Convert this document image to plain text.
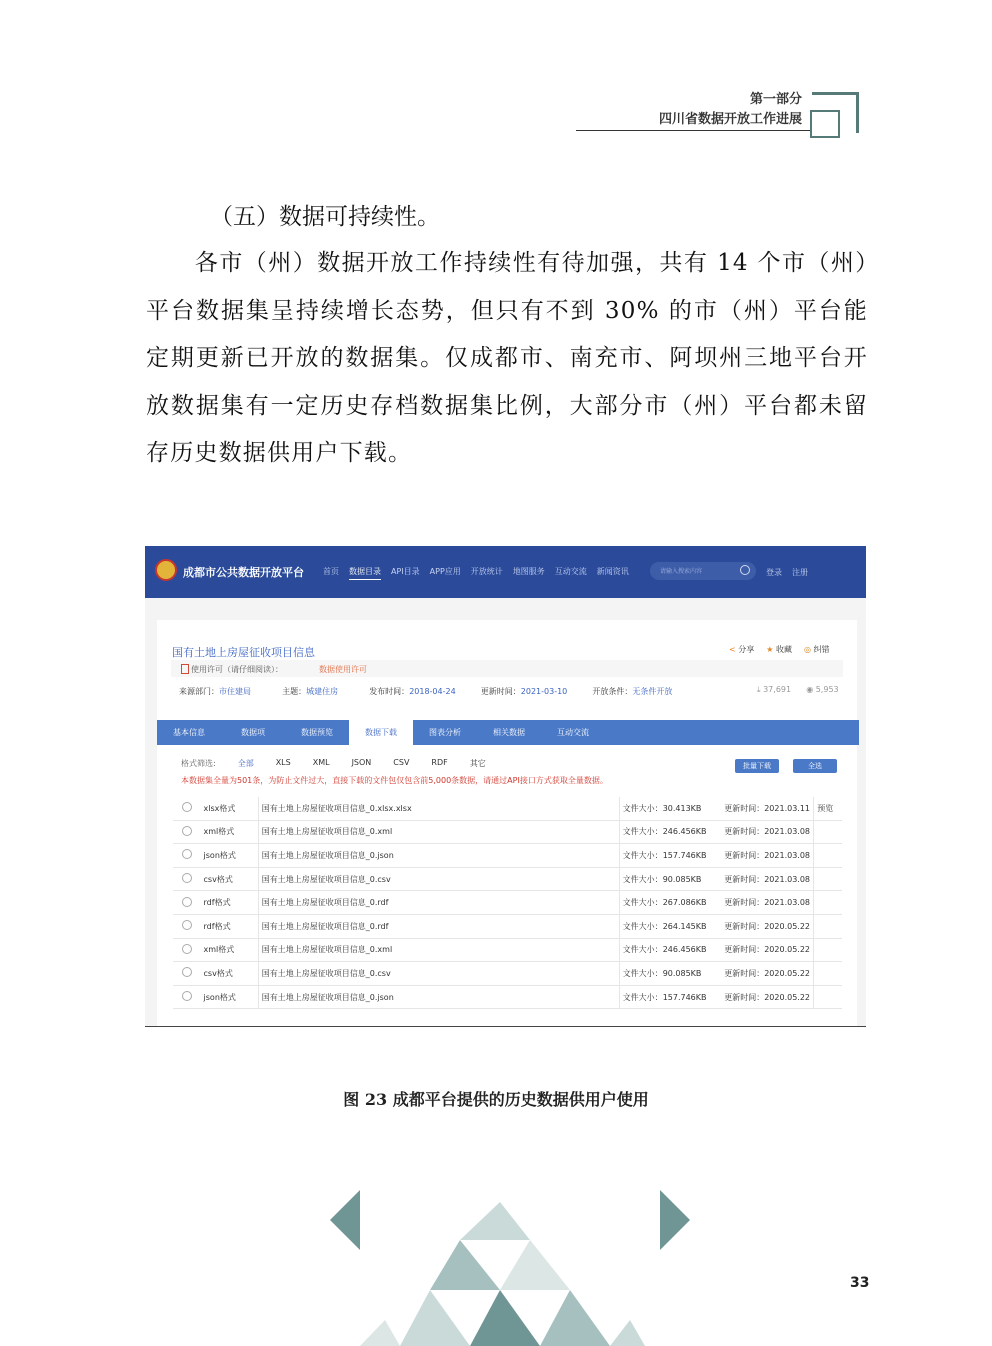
第一部分
四川省数据开放工作进展
（五）数据可持续性。
　　各市（州）数据开放工作持续性有待加强，共有 14 个市（州）平台数据集呈持续增长态势，但只有不到 30% 的市（州）平台能定期更新已开放的数据集。仅成都市、南充市、阿坝州三地平台开放数据集有一定历史存档数据集比例，大部分市（州）平台都未留存历史数据供用户下载。
成都市公共数据开放平台 首页 数据目录 API目录 APP应用 开放统计 地图服务 互动交流 新闻资讯	请输入搜索内容	登录 注册
国有土地上房屋征收项目信息	< 分享 ★ 收藏 ◎ 纠错
使用许可（请仔细阅读）：	数据使用许可
来源部门：市住建局	主题：城建住房	发布时间：2018-04-24	更新时间：2021-03-10	开放条件：无条件开放	⤓ 37,691 ◉ 5,953
基本信息	数据项	数据预览	数据下载	图表分析	相关数据	互动交流
格式筛选:	全部	XLS	XML	JSON	CSV	RDF	其它	批量下载	全选
本数据集全量为501条，为防止文件过大，直接下载的文件包仅包含前5,000条数据，请通过API接口方式获取全量数据。
	xlsx格式	国有土地上房屋征收项目信息_0.xlsx.xlsx	文件大小：30.413KB	更新时间：2021.03.11	预览
	xml格式	国有土地上房屋征收项目信息_0.xml	文件大小：246.456KB	更新时间：2021.03.08	
	json格式	国有土地上房屋征收项目信息_0.json	文件大小：157.746KB	更新时间：2021.03.08	
	csv格式	国有土地上房屋征收项目信息_0.csv	文件大小：90.085KB	更新时间：2021.03.08	
	rdf格式	国有土地上房屋征收项目信息_0.rdf	文件大小：267.086KB	更新时间：2021.03.08	
	rdf格式	国有土地上房屋征收项目信息_0.rdf	文件大小：264.145KB	更新时间：2020.05.22	
	xml格式	国有土地上房屋征收项目信息_0.xml	文件大小：246.456KB	更新时间：2020.05.22	
	csv格式	国有土地上房屋征收项目信息_0.csv	文件大小：90.085KB	更新时间：2020.05.22	
	json格式	国有土地上房屋征收项目信息_0.json	文件大小：157.746KB	更新时间：2020.05.22	
图 23 成都平台提供的历史数据供用户使用
33
